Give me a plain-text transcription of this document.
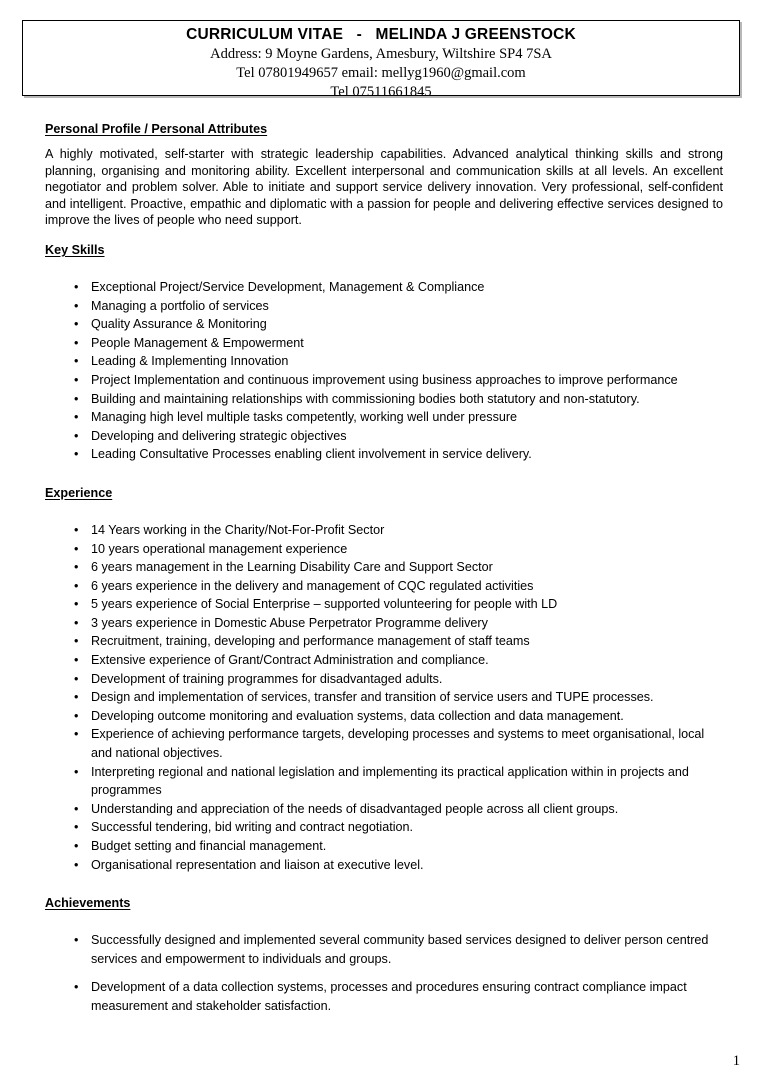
CURRICULUM VITAE   -   MELINDA J GREENSTOCK
Address: 9 Moyne Gardens, Amesbury, Wiltshire SP4 7SA
Tel 07801949657 email: mellyg1960@gmail.com
Tel 07511661845
Personal Profile / Personal Attributes

A highly motivated, self-starter with strategic leadership capabilities. Advanced analytical thinking skills and strong planning, organising and monitoring ability. Excellent interpersonal and communication skills at all levels. An excellent negotiator and problem solver. Able to initiate and support service delivery innovation. Very professional, self-confident and intelligent. Proactive, empathic and diplomatic with a passion for people and delivering effective services designed to improve the lives of people who need support.

Key Skills
• Exceptional Project/Service Development, Management & Compliance
• Managing a portfolio of services
• Quality Assurance & Monitoring
• People Management & Empowerment
• Leading & Implementing Innovation
• Project Implementation and continuous improvement using business approaches to improve performance
• Building and maintaining relationships with commissioning bodies both statutory and non-statutory.
• Managing high level multiple tasks competently, working well under pressure
• Developing and delivering strategic objectives
• Leading Consultative Processes enabling client involvement in service delivery.
Experience
• 14 Years working in the Charity/Not-For-Profit Sector
• 10 years operational management experience
• 6 years management in the Learning Disability Care and Support Sector
• 6 years experience in the delivery and management of CQC regulated activities
• 5 years experience of Social Enterprise – supported volunteering for people with LD
• 3 years experience in Domestic Abuse Perpetrator Programme delivery
• Recruitment, training, developing and performance management of staff teams
• Extensive experience of Grant/Contract Administration and compliance.
• Development of training programmes for disadvantaged adults.
• Design and implementation of services, transfer and transition of service users and TUPE processes.
• Developing outcome monitoring and evaluation systems, data collection and data management.
• Experience of achieving performance targets, developing processes and systems to meet organisational, local and national objectives.
• Interpreting regional and national legislation and implementing its practical application within in projects and programmes
• Understanding and appreciation of the needs of disadvantaged people across all client groups.
• Successful tendering, bid writing and contract negotiation.
• Budget setting and financial management.
• Organisational representation and liaison at executive level.
Achievements
• Successfully designed and implemented several community based services designed to deliver person centred services and empowerment to individuals and groups.
• Development of a data collection systems, processes and procedures ensuring contract compliance impact measurement and stakeholder satisfaction.
1
